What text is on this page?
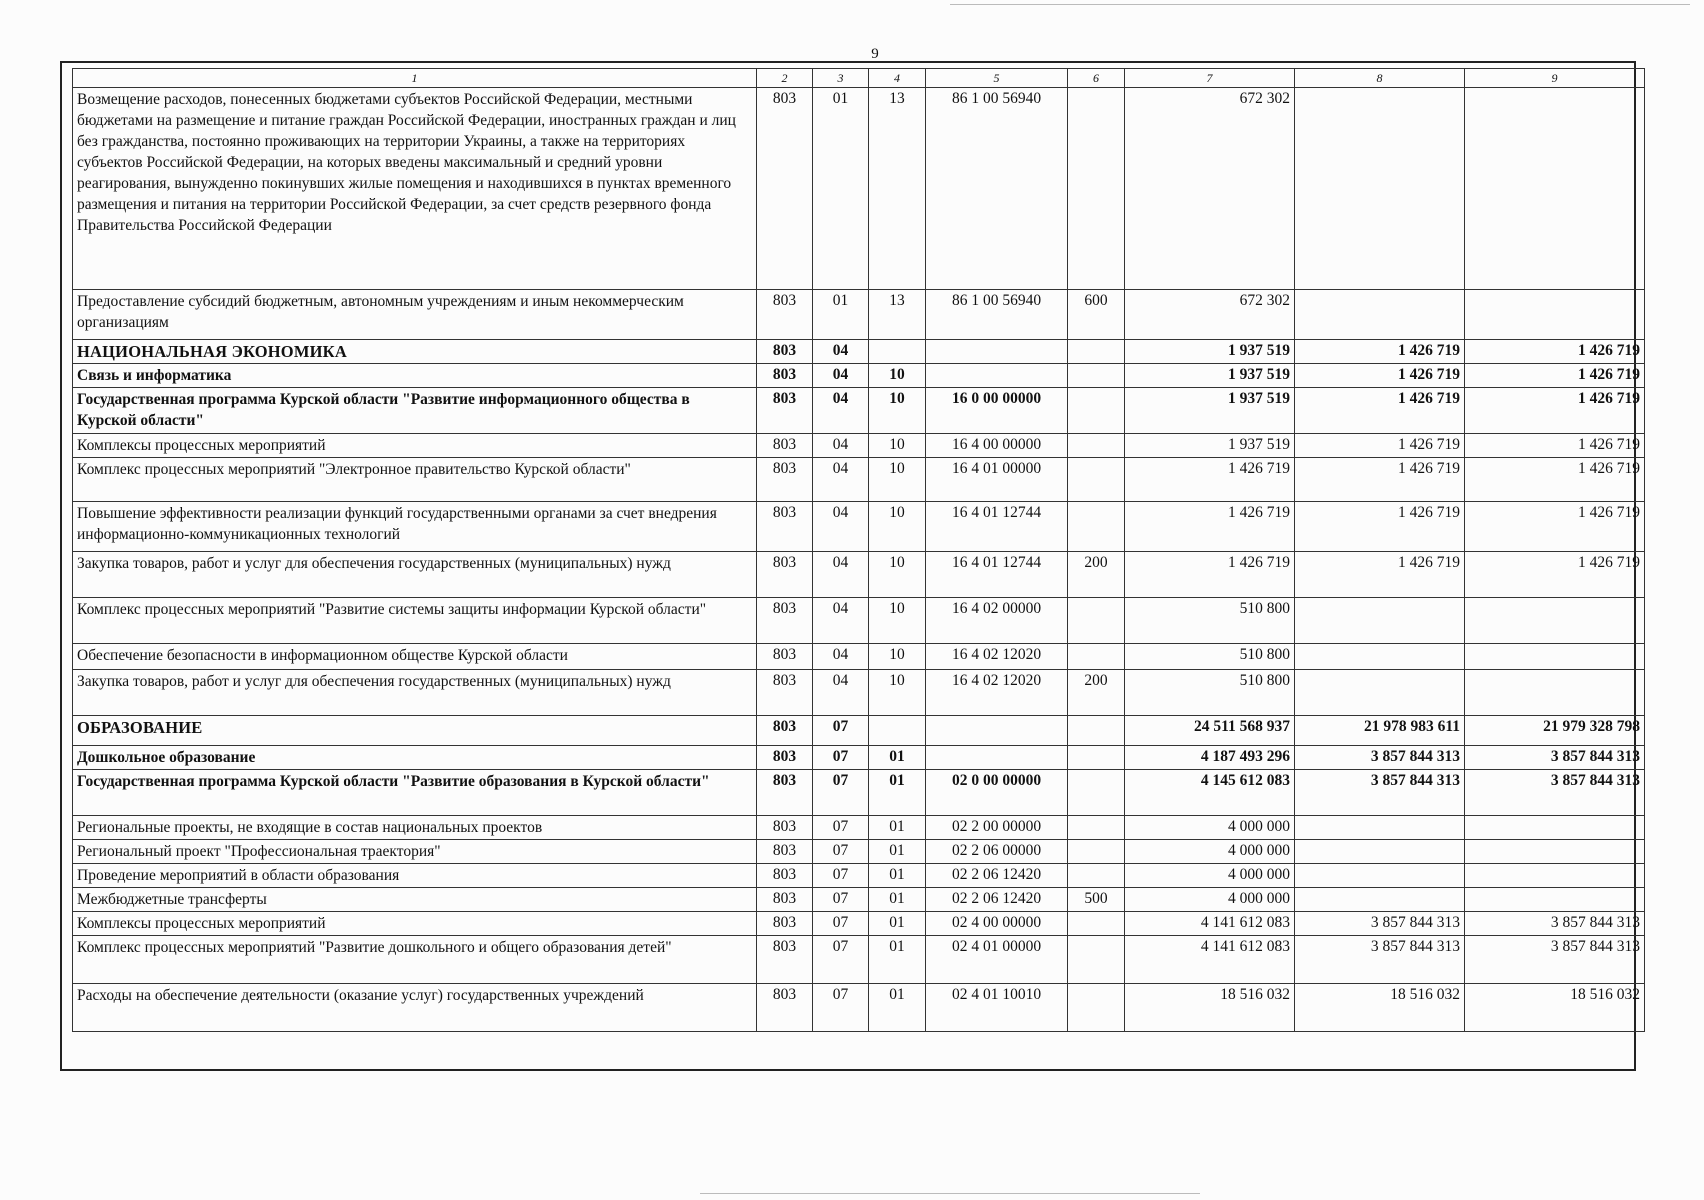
9
1	2	3	4	5	6	7	8	9
Возмещение расходов, понесенных бюджетами субъектов Российской Федерации, местными бюджетами на размещение и питание граждан Российской Федерации, иностранных граждан и лиц без гражданства, постоянно проживающих на территории Украины, а также на территориях субъектов Российской Федерации, на которых введены максимальный и средний уровни реагирования, вынужденно покинувших жилые помещения и находившихся в пунктах временного размещения и питания на территории Российской Федерации, за счет средств резервного фонда Правительства Российской Федерации	803	01	13	86 1 00 56940		672 302		
Предоставление субсидий бюджетным, автономным учреждениям и иным некоммерческим организациям	803	01	13	86 1 00 56940	600	672 302		
НАЦИОНАЛЬНАЯ ЭКОНОМИКА	803	04				1 937 519	1 426 719	1 426 719
Связь и информатика	803	04	10			1 937 519	1 426 719	1 426 719
Государственная программа Курской области "Развитие информационного общества в Курской области"	803	04	10	16 0 00 00000		1 937 519	1 426 719	1 426 719
Комплексы процессных мероприятий	803	04	10	16 4 00 00000		1 937 519	1 426 719	1 426 719
Комплекс процессных мероприятий "Электронное правительство Курской области"	803	04	10	16 4 01 00000		1 426 719	1 426 719	1 426 719
Повышение эффективности реализации функций государственными органами за счет внедрения информационно-коммуникационных технологий	803	04	10	16 4 01 12744		1 426 719	1 426 719	1 426 719
Закупка товаров, работ и услуг для обеспечения государственных (муниципальных) нужд	803	04	10	16 4 01 12744	200	1 426 719	1 426 719	1 426 719
Комплекс процессных мероприятий "Развитие системы защиты информации Курской области"	803	04	10	16 4 02 00000		510 800		
Обеспечение безопасности в информационном обществе Курской области	803	04	10	16 4 02 12020		510 800		
Закупка товаров, работ и услуг для обеспечения государственных (муниципальных) нужд	803	04	10	16 4 02 12020	200	510 800		
ОБРАЗОВАНИЕ	803	07				24 511 568 937	21 978 983 611	21 979 328 798
Дошкольное образование	803	07	01			4 187 493 296	3 857 844 313	3 857 844 313
Государственная программа Курской области "Развитие образования в Курской области"	803	07	01	02 0 00 00000		4 145 612 083	3 857 844 313	3 857 844 313
Региональные проекты, не входящие в состав национальных проектов	803	07	01	02 2 00 00000		4 000 000		
Региональный проект "Профессиональная траектория"	803	07	01	02 2 06 00000		4 000 000		
Проведение мероприятий в области образования	803	07	01	02 2 06 12420		4 000 000		
Межбюджетные трансферты	803	07	01	02 2 06 12420	500	4 000 000		
Комплексы процессных мероприятий	803	07	01	02 4 00 00000		4 141 612 083	3 857 844 313	3 857 844 313
Комплекс процессных мероприятий "Развитие дошкольного и общего образования детей"	803	07	01	02 4 01 00000		4 141 612 083	3 857 844 313	3 857 844 313
Расходы на обеспечение деятельности (оказание услуг) государственных учреждений	803	07	01	02 4 01 10010		18 516 032	18 516 032	18 516 032
